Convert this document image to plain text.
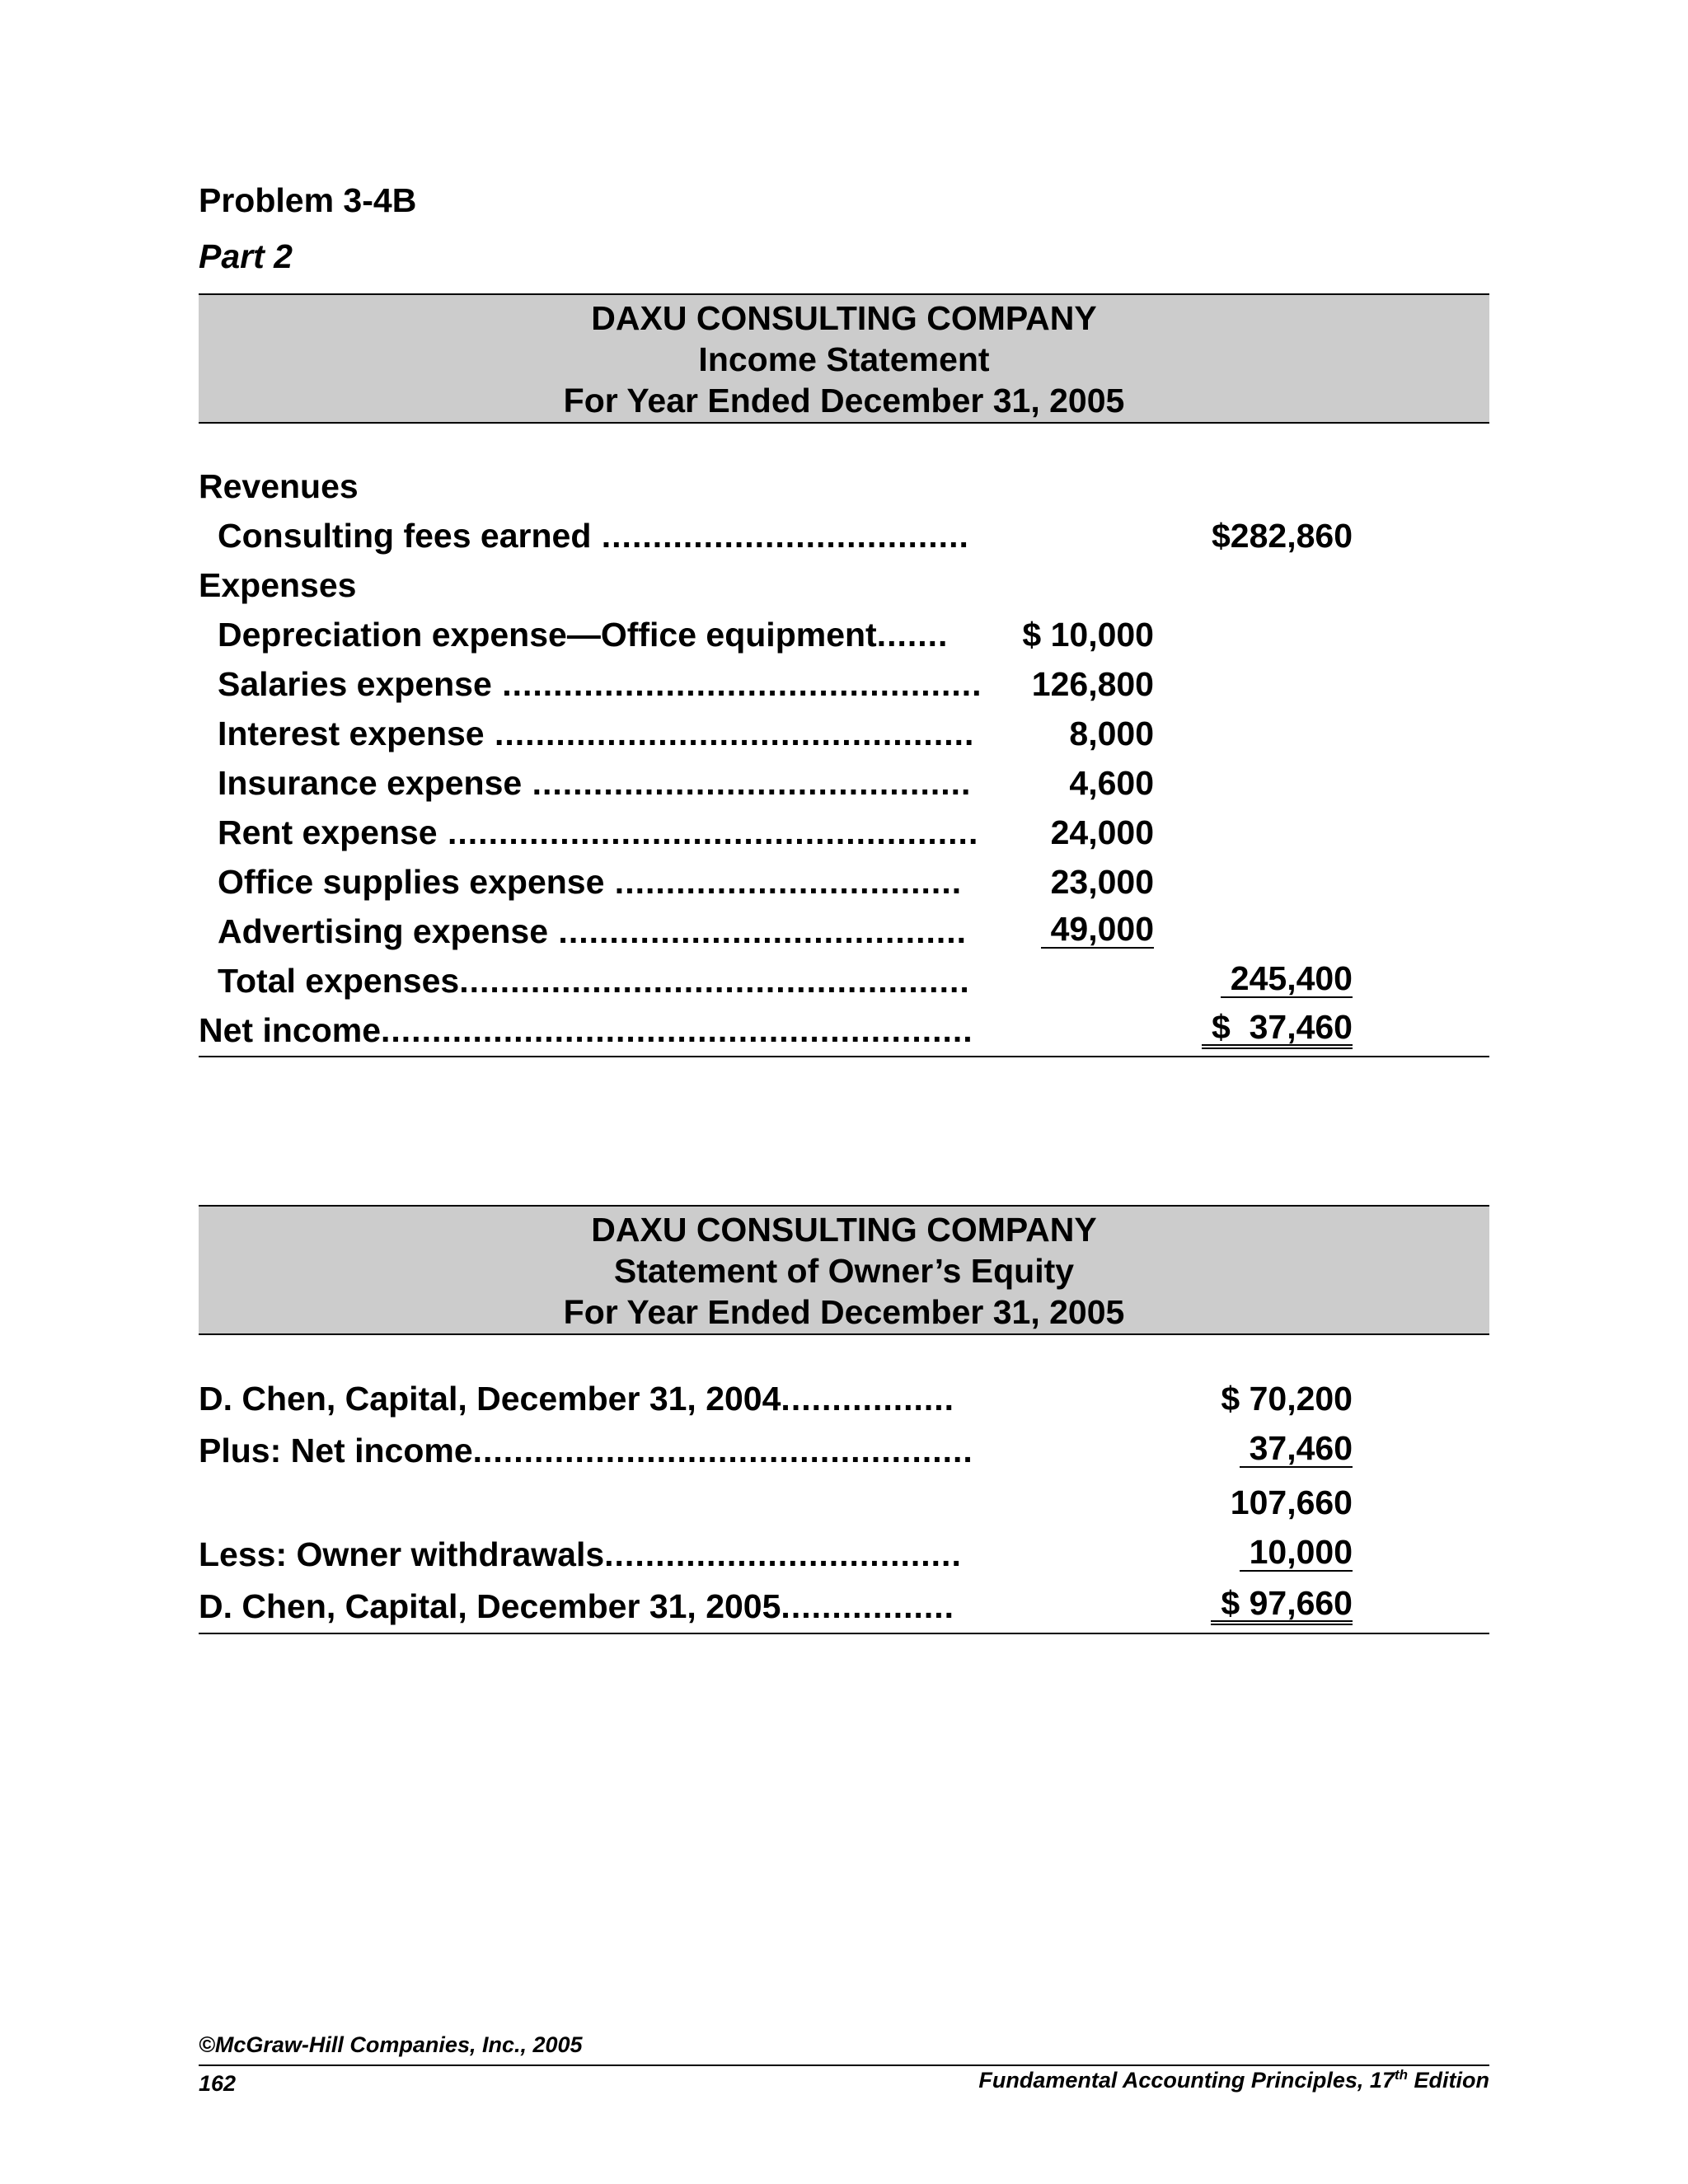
Problem 3-4B
Part 2
DAXU CONSULTING COMPANY
Income Statement
For Year Ended December 31, 2005
Revenues
Consulting fees earned ....................................	$282,860
Expenses
Depreciation expense—Office equipment.......	$ 10,000
Salaries expense ...............................................	126,800
Interest expense ...............................................	8,000
Insurance expense ...........................................	4,600
Rent expense ....................................................	24,000
Office supplies expense ..................................	23,000
Advertising expense ........................................	49,000
Total expenses..................................................	245,400
Net income..........................................................	$  37,460
DAXU CONSULTING COMPANY
Statement of Owner’s Equity
For Year Ended December 31, 2005
D. Chen, Capital, December 31, 2004.................	$ 70,200
Plus: Net income.................................................	37,460
107,660
Less: Owner withdrawals...................................	10,000
D. Chen, Capital, December 31, 2005.................	$ 97,660
©McGraw-Hill Companies, Inc., 2005
162	Fundamental Accounting Principles, 17th Edition
